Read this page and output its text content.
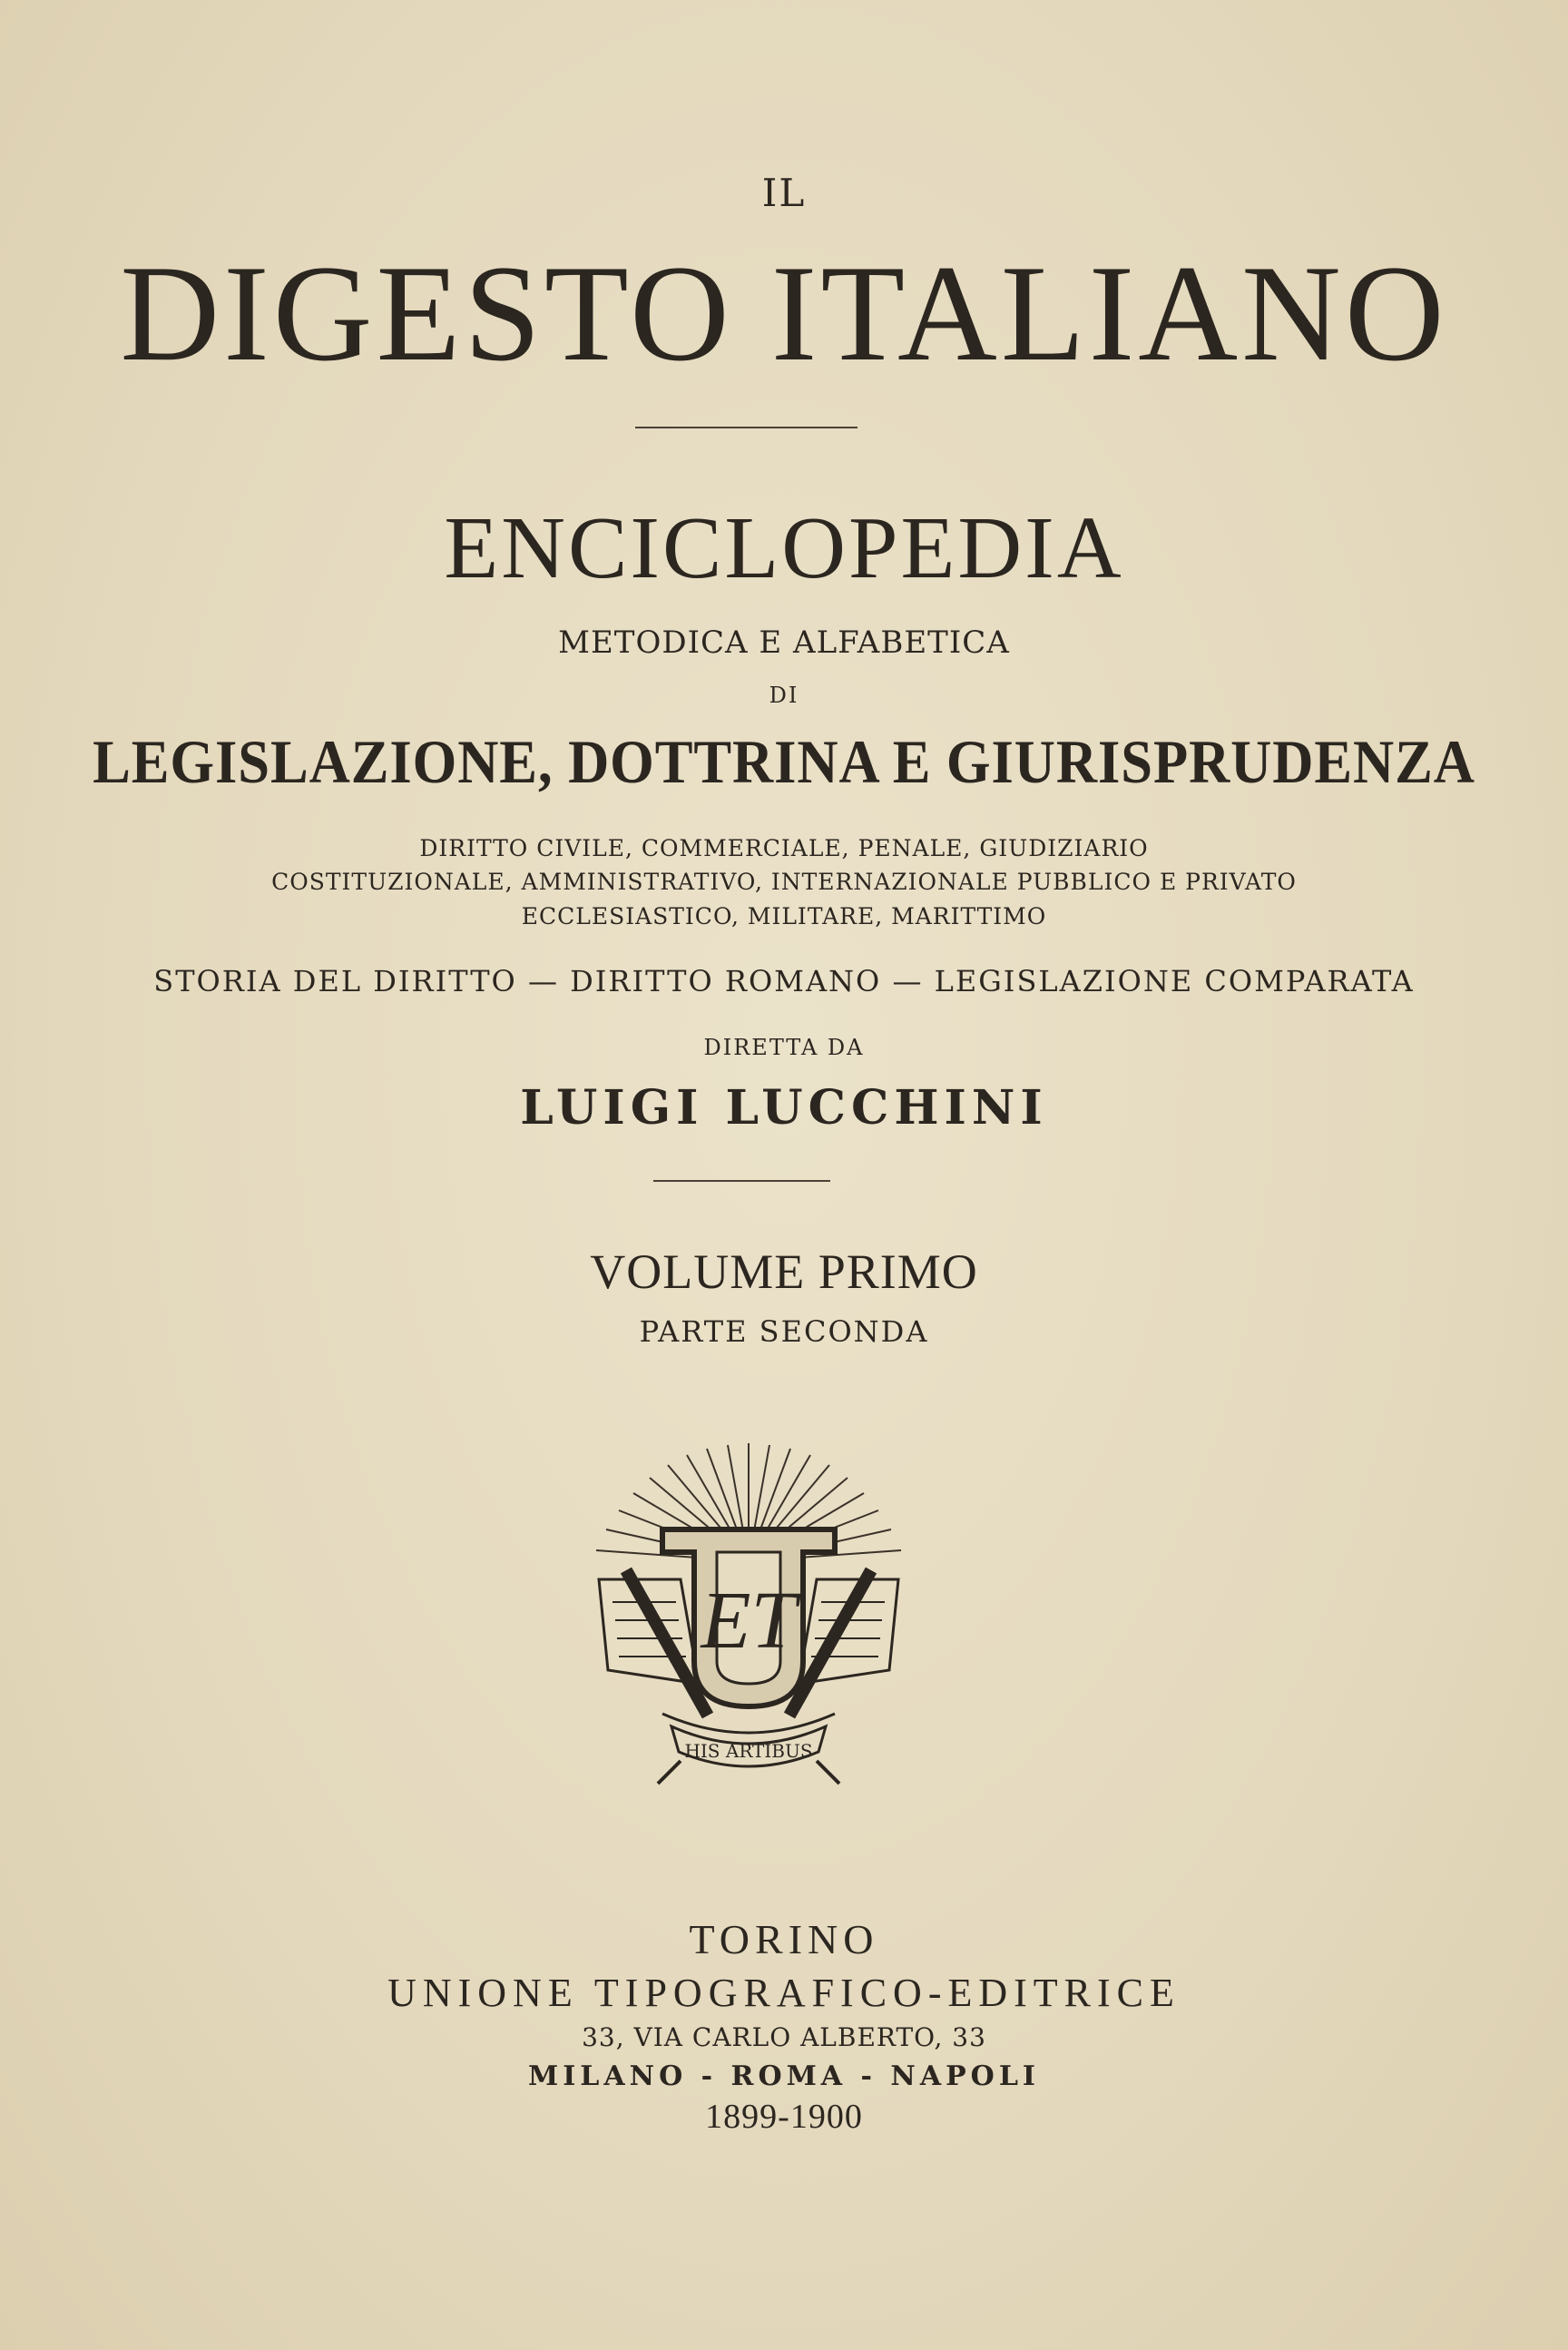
IL
DIGESTO ITALIANO
ENCICLOPEDIA
METODICA E ALFABETICA
DI
LEGISLAZIONE, DOTTRINA E GIURISPRUDENZA
DIRITTO CIVILE, COMMERCIALE, PENALE, GIUDIZIARIO
COSTITUZIONALE, AMMINISTRATIVO, INTERNAZIONALE PUBBLICO E PRIVATO
ECCLESIASTICO, MILITARE, MARITTIMO
STORIA DEL DIRITTO — DIRITTO ROMANO — LEGISLAZIONE COMPARATA
DIRETTA DA
LUIGI LUCCHINI
VOLUME PRIMO
PARTE SECONDA
ET
HIS ARTIBUS
TORINO
UNIONE TIPOGRAFICO-EDITRICE
33, VIA CARLO ALBERTO, 33
MILANO - ROMA - NAPOLI
1899-1900
